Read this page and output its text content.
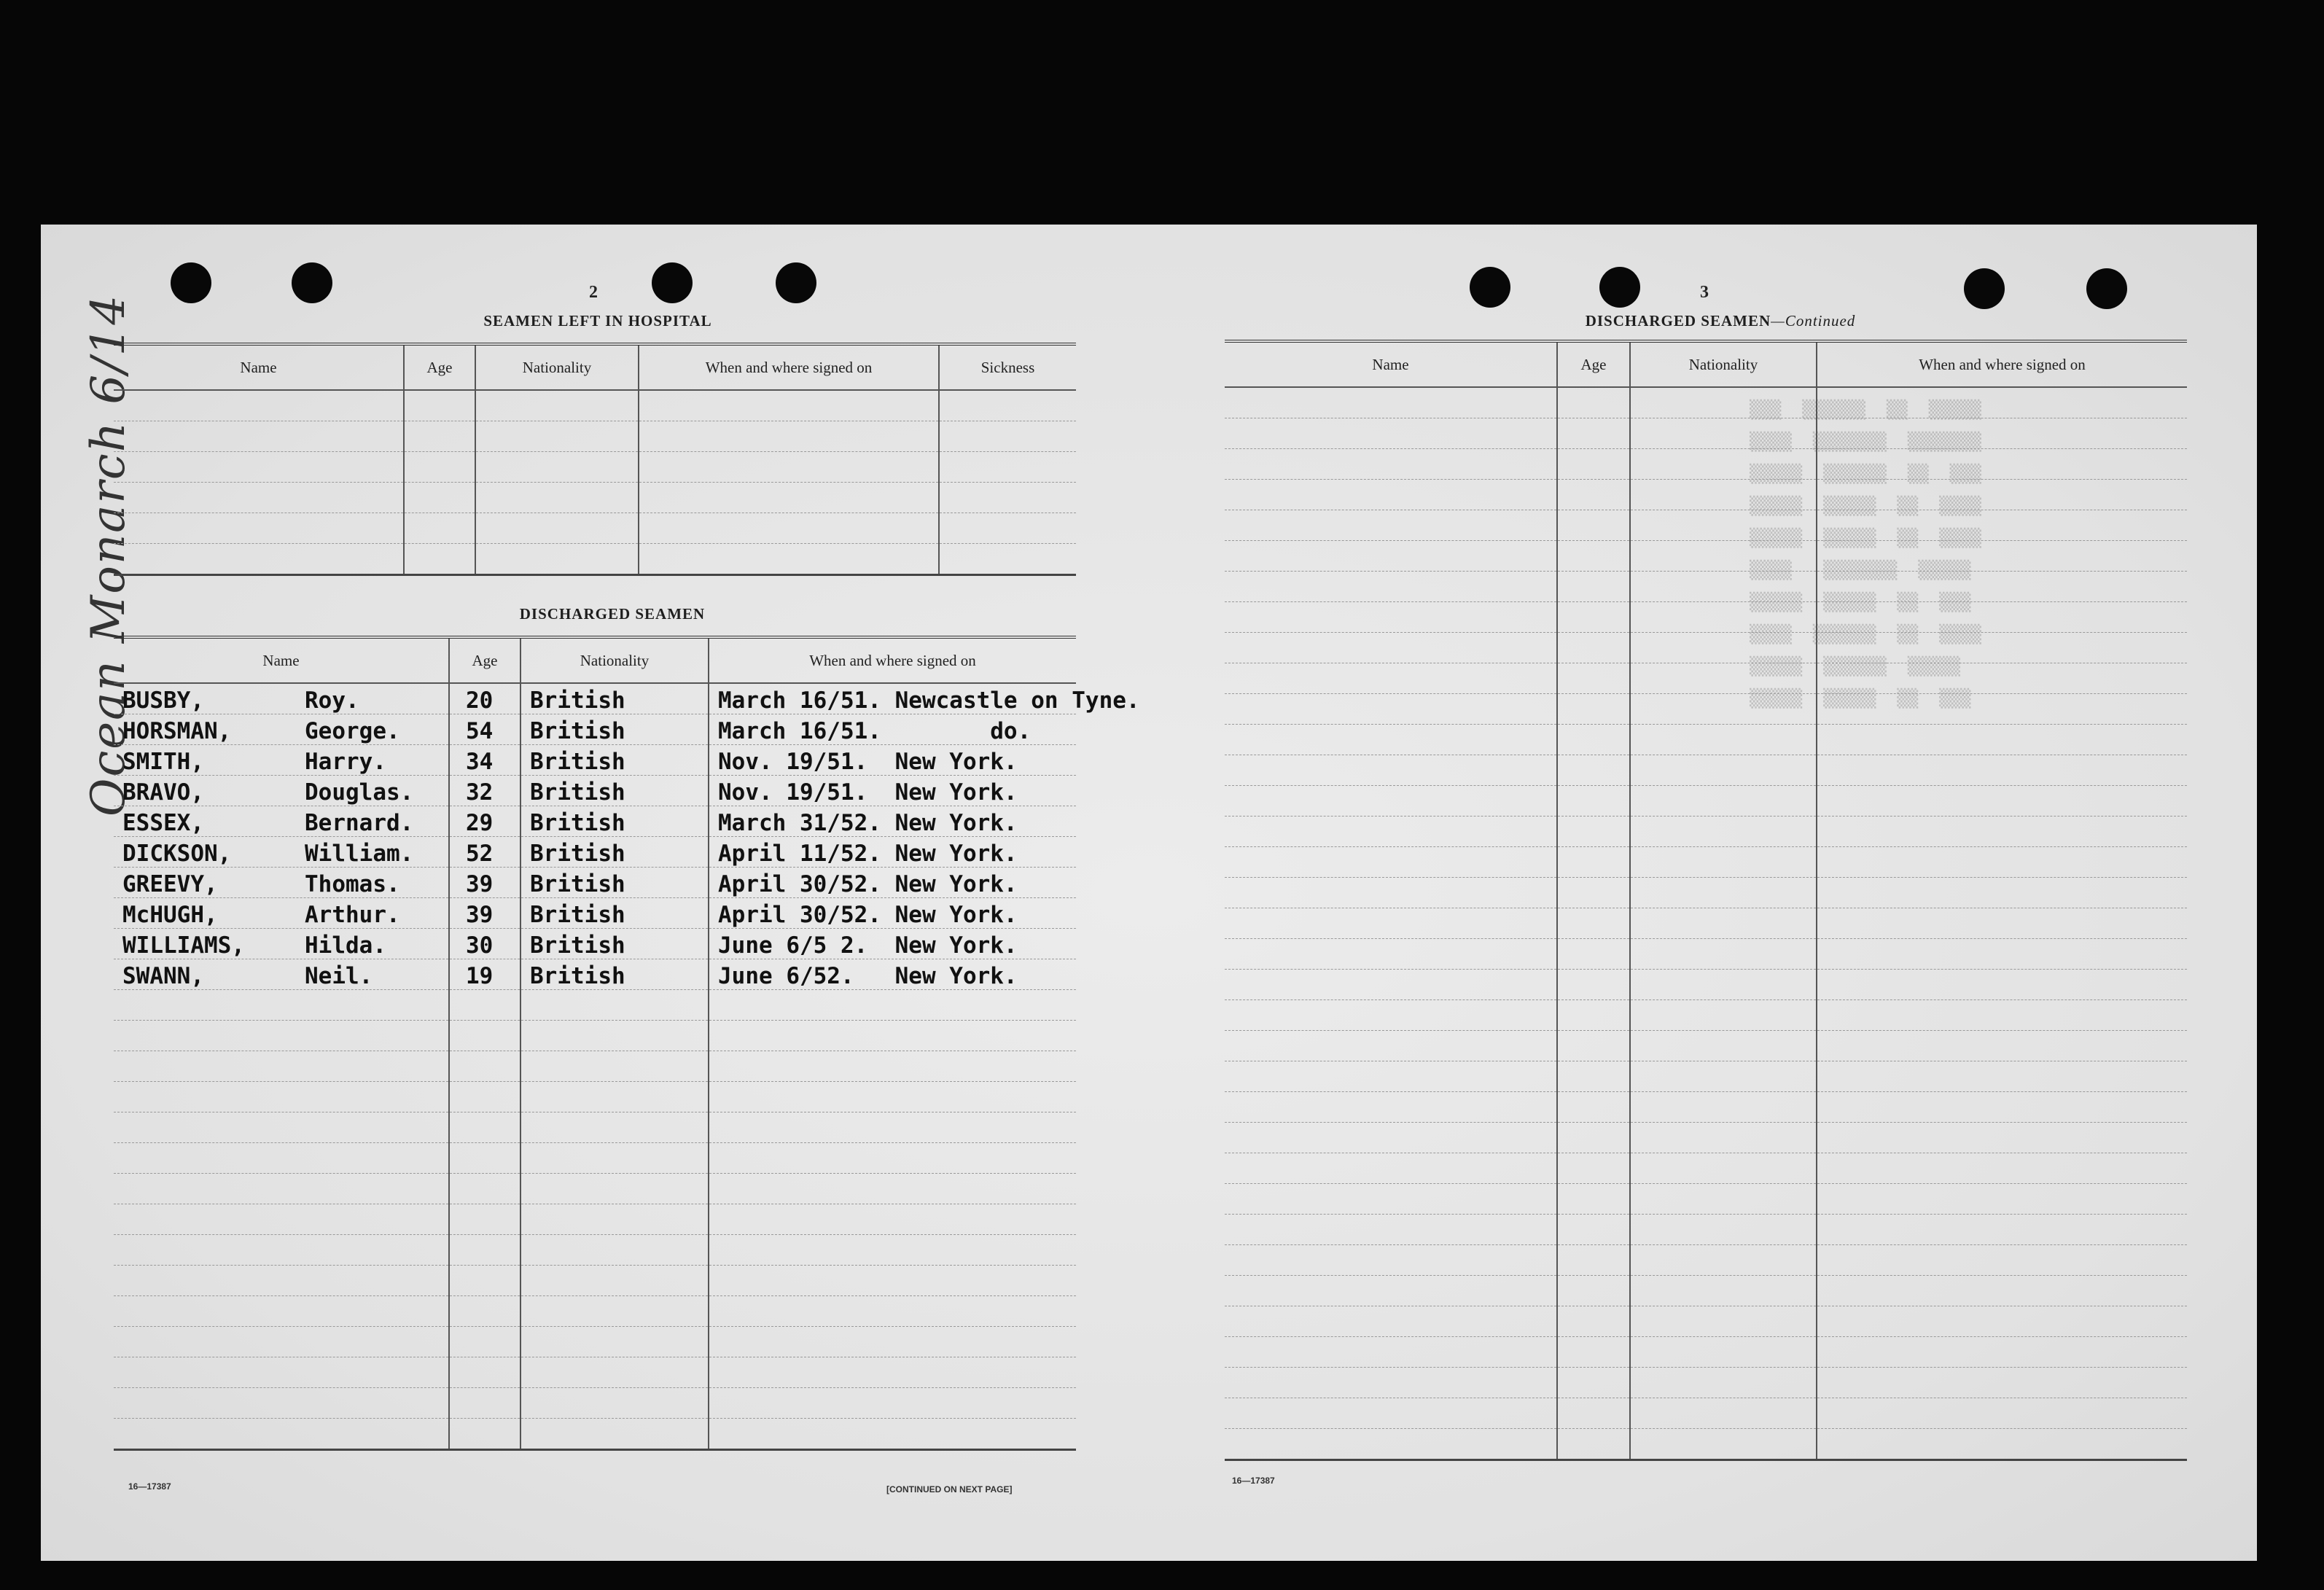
Ocean Monarch 6/14
2
SEAMEN LEFT IN HOSPITAL
Name	Age	Nationality	When and where signed on	Sickness

DISCHARGED SEAMEN
Name	Age	Nationality	When and where signed on
BUSBY, Roy.	20	British	March 16/51. Newcastle on Tyne.
HORSMAN, George.	54	British	March 16/51.        do.
SMITH, Harry.	34	British	Nov. 19/51.  New York.
BRAVO, Douglas.	32	British	Nov. 19/51.  New York.
ESSEX, Bernard.	29	British	March 31/52. New York.
DICKSON, William.	52	British	April 11/52. New York.
GREEVY, Thomas.	39	British	April 30/52. New York.
McHUGH, Arthur.	39	British	April 30/52. New York.
WILLIAMS, Hilda.	30	British	June 6/5 2.  New York.
SWANN, Neil.	19	British	June 6/52.   New York.

16—17387	[CONTINUED ON NEXT PAGE]
3
DISCHARGED SEAMEN—Continued
▒▒▒  ▒▒▒▒▒▒  ▒▒  ▒▒▒▒▒
▒▒▒▒  ▒▒▒▒▒▒▒  ▒▒▒▒▒▒▒
▒▒▒▒▒  ▒▒▒▒▒▒  ▒▒  ▒▒▒
▒▒▒▒▒  ▒▒▒▒▒  ▒▒  ▒▒▒▒
▒▒▒▒▒  ▒▒▒▒▒  ▒▒  ▒▒▒▒
▒▒▒▒   ▒▒▒▒▒▒▒  ▒▒▒▒▒
▒▒▒▒▒  ▒▒▒▒▒  ▒▒  ▒▒▒
▒▒▒▒  ▒▒▒▒▒▒  ▒▒  ▒▒▒▒
▒▒▒▒▒  ▒▒▒▒▒▒  ▒▒▒▒▒
▒▒▒▒▒  ▒▒▒▒▒  ▒▒  ▒▒▒
Name	Age	Nationality	When and where signed on

16—17387
